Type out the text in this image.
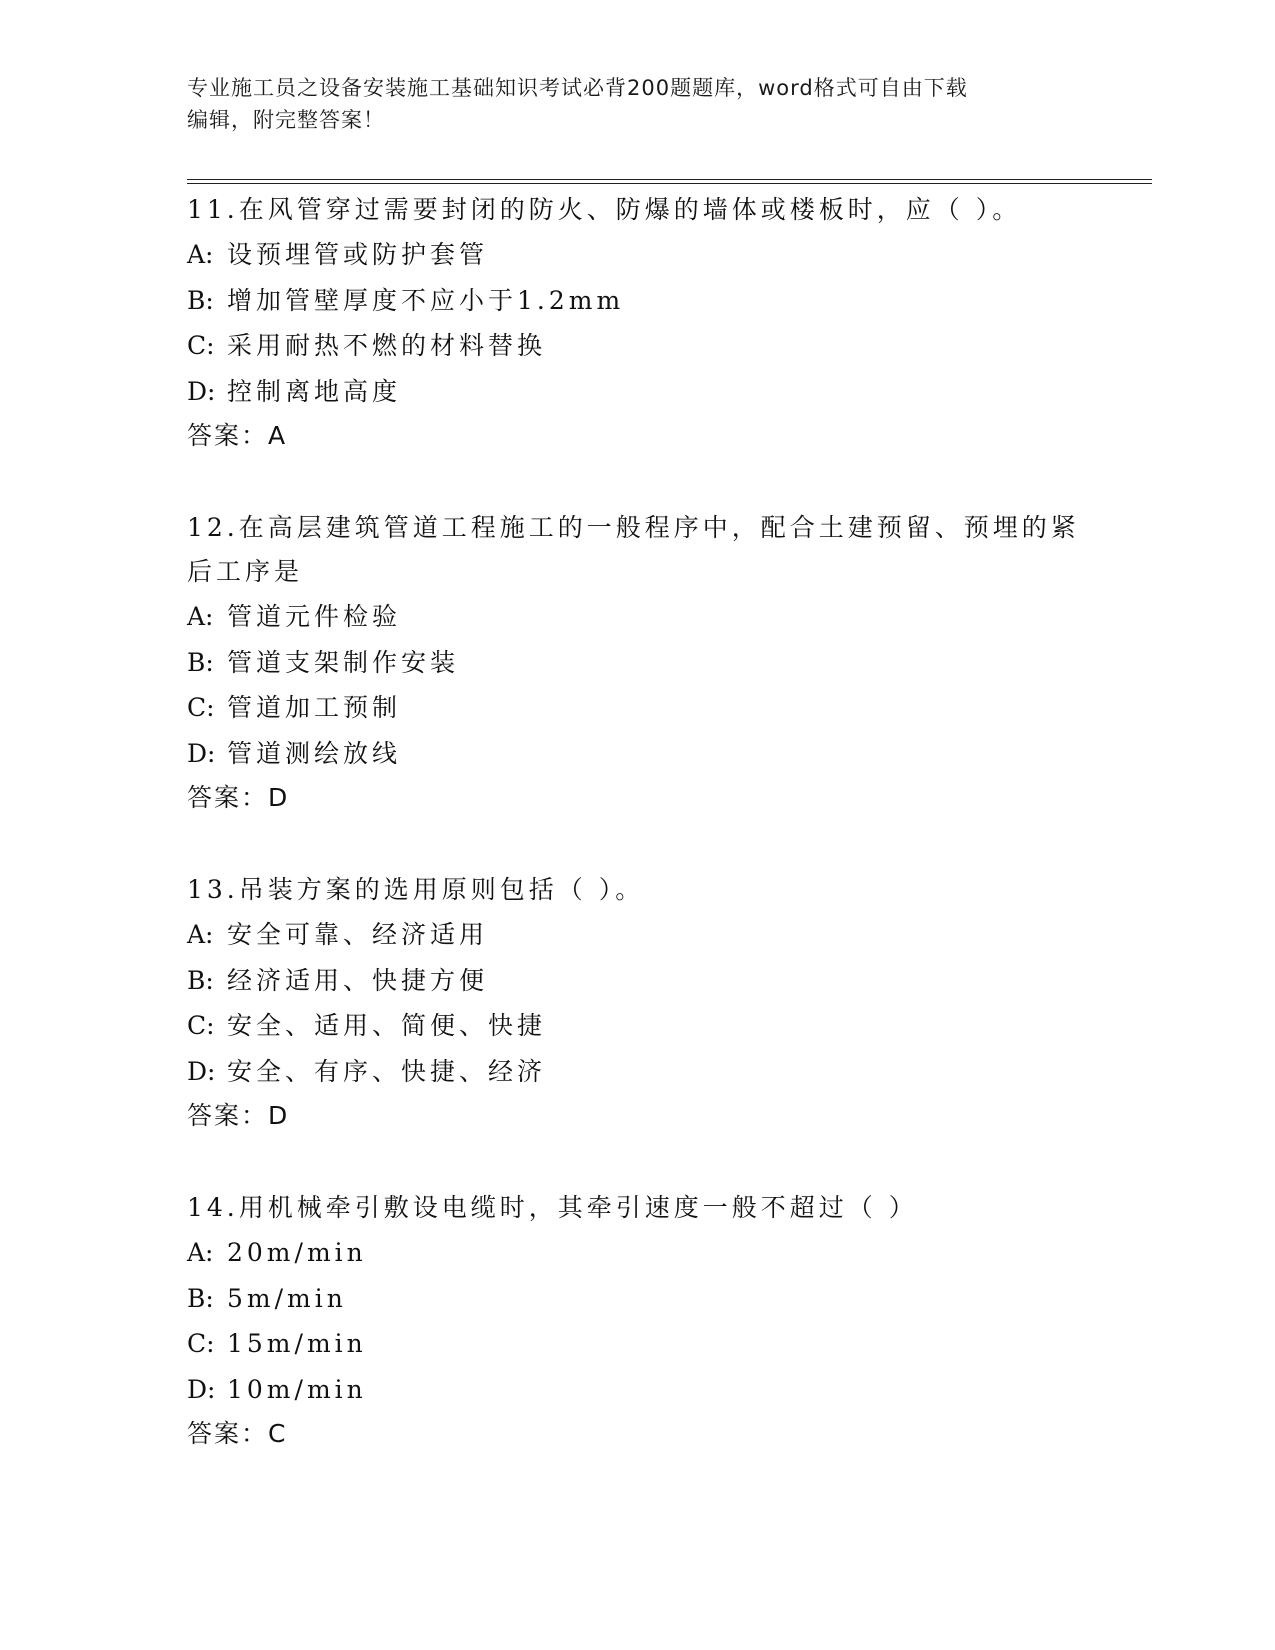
专业施工员之设备安装施工基础知识考试必背200题题库，word格式可自由下载
编辑，附完整答案！

11.在风管穿过需要封闭的防火、防爆的墙体或楼板时，应（ ）。

A: 设预埋管或防护套管

B: 增加管壁厚度不应小于1.2mm

C: 采用耐热不燃的材料替换

D: 控制离地高度

答案：A

12.在高层建筑管道工程施工的一般程序中，配合土建预留、预埋的紧后工序是

A: 管道元件检验

B: 管道支架制作安装

C: 管道加工预制

D: 管道测绘放线

答案：D

13.吊装方案的选用原则包括（ ）。

A: 安全可靠、经济适用

B: 经济适用、快捷方便

C: 安全、适用、简便、快捷

D: 安全、有序、快捷、经济

答案：D

14.用机械牵引敷设电缆时，其牵引速度一般不超过（ ）

A: 20m/min

B: 5m/min

C: 15m/min

D: 10m/min

答案：C
